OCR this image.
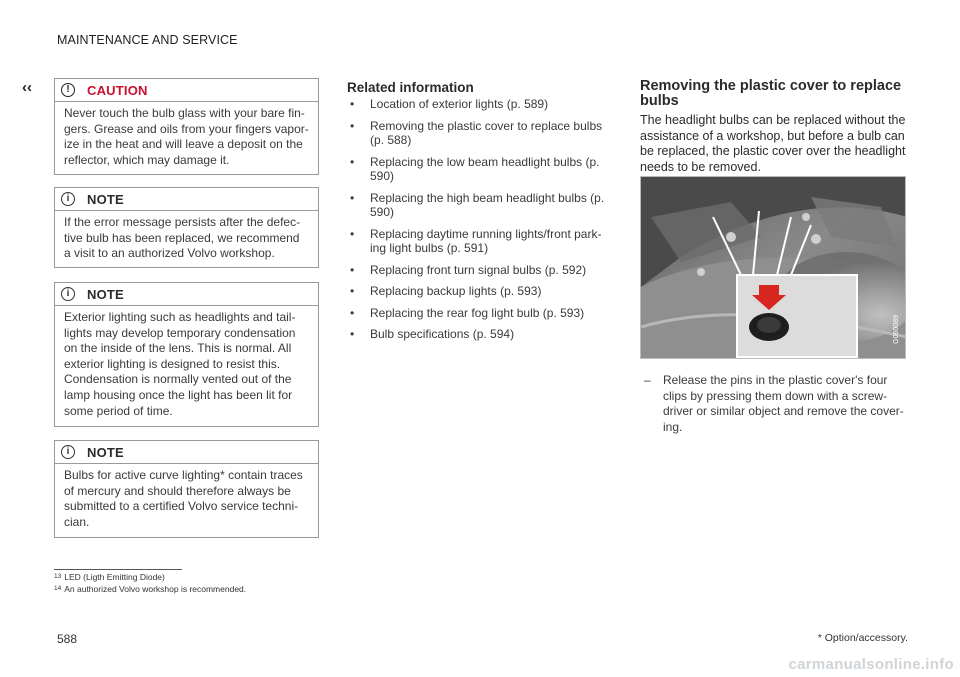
MAINTENANCE AND SERVICE
‹‹	!	CAUTION
Never touch the bulb glass with your bare fin-gers. Grease and oils from your fingers vapor-ize in the heat and will leave a deposit on the reflector, which may damage it.
i	NOTE
If the error message persists after the defec-tive bulb has been replaced, we recommend a visit to an authorized Volvo workshop.
i	NOTE
Exterior lighting such as headlights and tail-lights may develop temporary condensation on the inside of the lens. This is normal. All exterior lighting is designed to resist this. Condensation is normally vented out of the lamp housing once the light has been lit for some period of time.
i	NOTE
Bulbs for active curve lighting* contain traces of mercury and should therefore always be submitted to a certified Volvo service techni-cian.
Related information
• Location of exterior lights (p. 589)
• Removing the plastic cover to replace bulbs (p. 588)
• Replacing the low beam headlight bulbs (p. 590)
• Replacing the high beam headlight bulbs (p. 590)
• Replacing daytime running lights/front park-ing light bulbs (p. 591)
• Replacing front turn signal bulbs (p. 592)
• Replacing backup lights (p. 593)
• Replacing the rear fog light bulb (p. 593)
• Bulb specifications (p. 594)
Removing the plastic cover to replace bulbs
The headlight bulbs can be replaced without the assistance of a workshop, but before a bulb can be replaced, the plastic cover over the headlight needs to be removed.
G060089
– Release the pins in the plastic cover's four clips by pressing them down with a screw-driver or similar object and remove the cover-ing.
$^{13}$ LED (Ligth Emitting Diode)
$^{14}$ An authorized Volvo workshop is recommended.
588	* Option/accessory.
carmanualsonline.info
